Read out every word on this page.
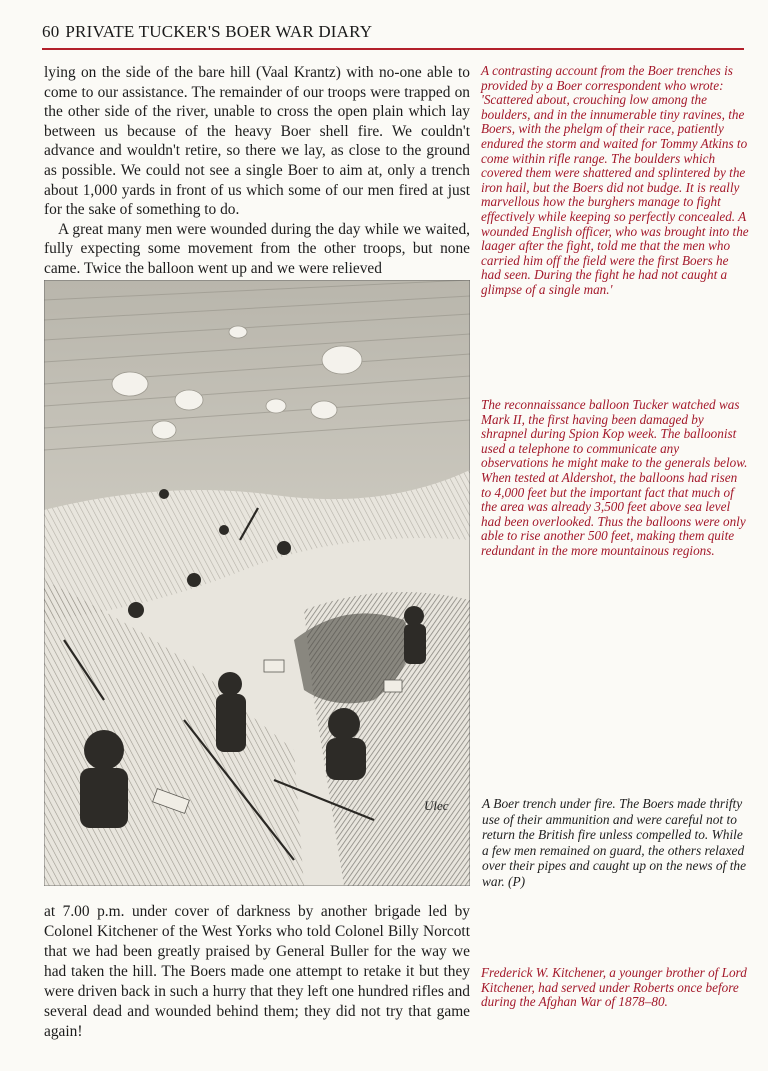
60 PRIVATE TUCKER'S BOER WAR DIARY

lying on the side of the bare hill (Vaal Krantz) with no-one able to come to our assistance. The remainder of our troops were trapped on the other side of the river, unable to cross the open plain which lay between us because of the heavy Boer shell fire. We couldn't advance and wouldn't retire, so there we lay, as close to the ground as possible. We could not see a single Boer to aim at, only a trench about 1,000 yards in front of us which some of our men fired at just for the sake of something to do.

A great many men were wounded during the day while we waited, fully expecting some movement from the other troops, but none came. Twice the balloon went up and we were relieved

Ulec

at 7.00 p.m. under cover of darkness by another brigade led by Colonel Kitchener of the West Yorks who told Colonel Billy Norcott that we had been greatly praised by General Buller for the way we had taken the hill. The Boers made one attempt to retake it but they were driven back in such a hurry that they left one hundred rifles and several dead and wounded behind them; they did not try that game again!

A contrasting account from the Boer trenches is provided by a Boer correspondent who wrote: 'Scattered about, crouching low among the boulders, and in the innumerable tiny ravines, the Boers, with the phelgm of their race, patiently endured the storm and waited for Tommy Atkins to come within rifle range. The boulders which covered them were shattered and splintered by the iron hail, but the Boers did not budge. It is really marvellous how the burghers manage to fight effectively while keeping so perfectly concealed. A wounded English officer, who was brought into the laager after the fight, told me that the men who carried him off the field were the first Boers he had seen. During the fight he had not caught a glimpse of a single man.'

The reconnaissance balloon Tucker watched was Mark II, the first having been damaged by shrapnel during Spion Kop week. The balloonist used a telephone to communicate any observations he might make to the generals below. When tested at Aldershot, the balloons had risen to 4,000 feet but the important fact that much of the area was already 3,500 feet above sea level had been overlooked. Thus the balloons were only able to rise another 500 feet, making them quite redundant in the more mountainous regions.

A Boer trench under fire. The Boers made thrifty use of their ammunition and were careful not to return the British fire unless compelled to. While a few men remained on guard, the others relaxed over their pipes and caught up on the news of the war. (P)

Frederick W. Kitchener, a younger brother of Lord Kitchener, had served under Roberts once before during the Afghan War of 1878–80.
